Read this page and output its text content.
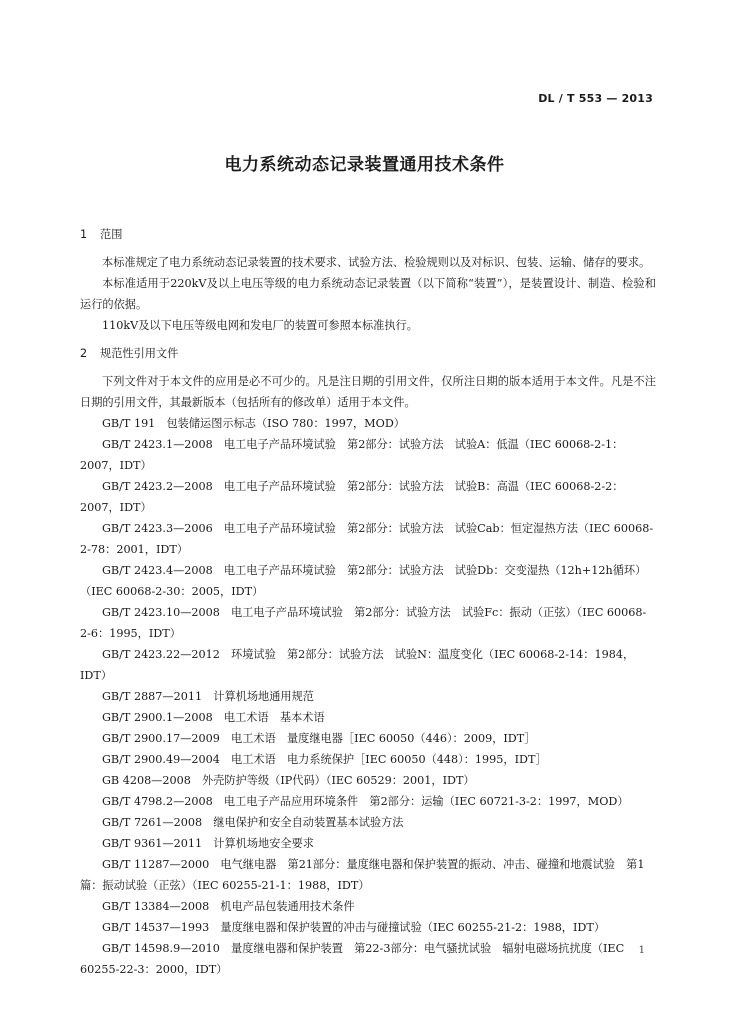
DL / T 553 — 2013
电力系统动态记录装置通用技术条件
1 范围

本标准规定了电力系统动态记录装置的技术要求、试验方法、检验规则以及对标识、包装、运输、储存的要求。

本标准适用于220kV及以上电压等级的电力系统动态记录装置（以下简称“装置”），是装置设计、制造、检验和运行的依据。

110kV及以下电压等级电网和发电厂的装置可参照本标准执行。

2 规范性引用文件

下列文件对于本文件的应用是必不可少的。凡是注日期的引用文件，仅所注日期的版本适用于本文件。凡是不注日期的引用文件，其最新版本（包括所有的修改单）适用于本文件。

GB/T 191　包装储运图示标志（ISO 780：1997，MOD）

GB/T 2423.1—2008　电工电子产品环境试验　第2部分：试验方法　试验A：低温（IEC 60068-2-1：2007，IDT）

GB/T 2423.2—2008　电工电子产品环境试验　第2部分：试验方法　试验B：高温（IEC 60068-2-2：2007，IDT）

GB/T 2423.3—2006　电工电子产品环境试验　第2部分：试验方法　试验Cab：恒定湿热方法（IEC 60068-2-78：2001，IDT）

GB/T 2423.4—2008　电工电子产品环境试验　第2部分：试验方法　试验Db：交变湿热（12h+12h循环）（IEC 60068-2-30：2005，IDT）

GB/T 2423.10—2008　电工电子产品环境试验　第2部分：试验方法　试验Fc：振动（正弦）（IEC 60068-2-6：1995，IDT）

GB/T 2423.22—2012　环境试验　第2部分：试验方法　试验N：温度变化（IEC 60068-2-14：1984，IDT）

GB/T 2887—2011　计算机场地通用规范

GB/T 2900.1—2008　电工术语　基本术语

GB/T 2900.17—2009　电工术语　量度继电器［IEC 60050（446）：2009，IDT］

GB/T 2900.49—2004　电工术语　电力系统保护［IEC 60050（448）：1995，IDT］

GB 4208—2008　外壳防护等级（IP代码）（IEC 60529：2001，IDT）

GB/T 4798.2—2008　电工电子产品应用环境条件　第2部分：运输（IEC 60721-3-2：1997，MOD）

GB/T 7261—2008　继电保护和安全自动装置基本试验方法

GB/T 9361—2011　计算机场地安全要求

GB/T 11287—2000　电气继电器　第21部分：量度继电器和保护装置的振动、冲击、碰撞和地震试验　第1篇：振动试验（正弦）（IEC 60255-21-1：1988，IDT）

GB/T 13384—2008　机电产品包装通用技术条件

GB/T 14537—1993　量度继电器和保护装置的冲击与碰撞试验（IEC 60255-21-2：1988，IDT）

GB/T 14598.9—2010　量度继电器和保护装置　第22-3部分：电气骚扰试验　辐射电磁场抗扰度（IEC 60255-22-3：2000，IDT）

1
